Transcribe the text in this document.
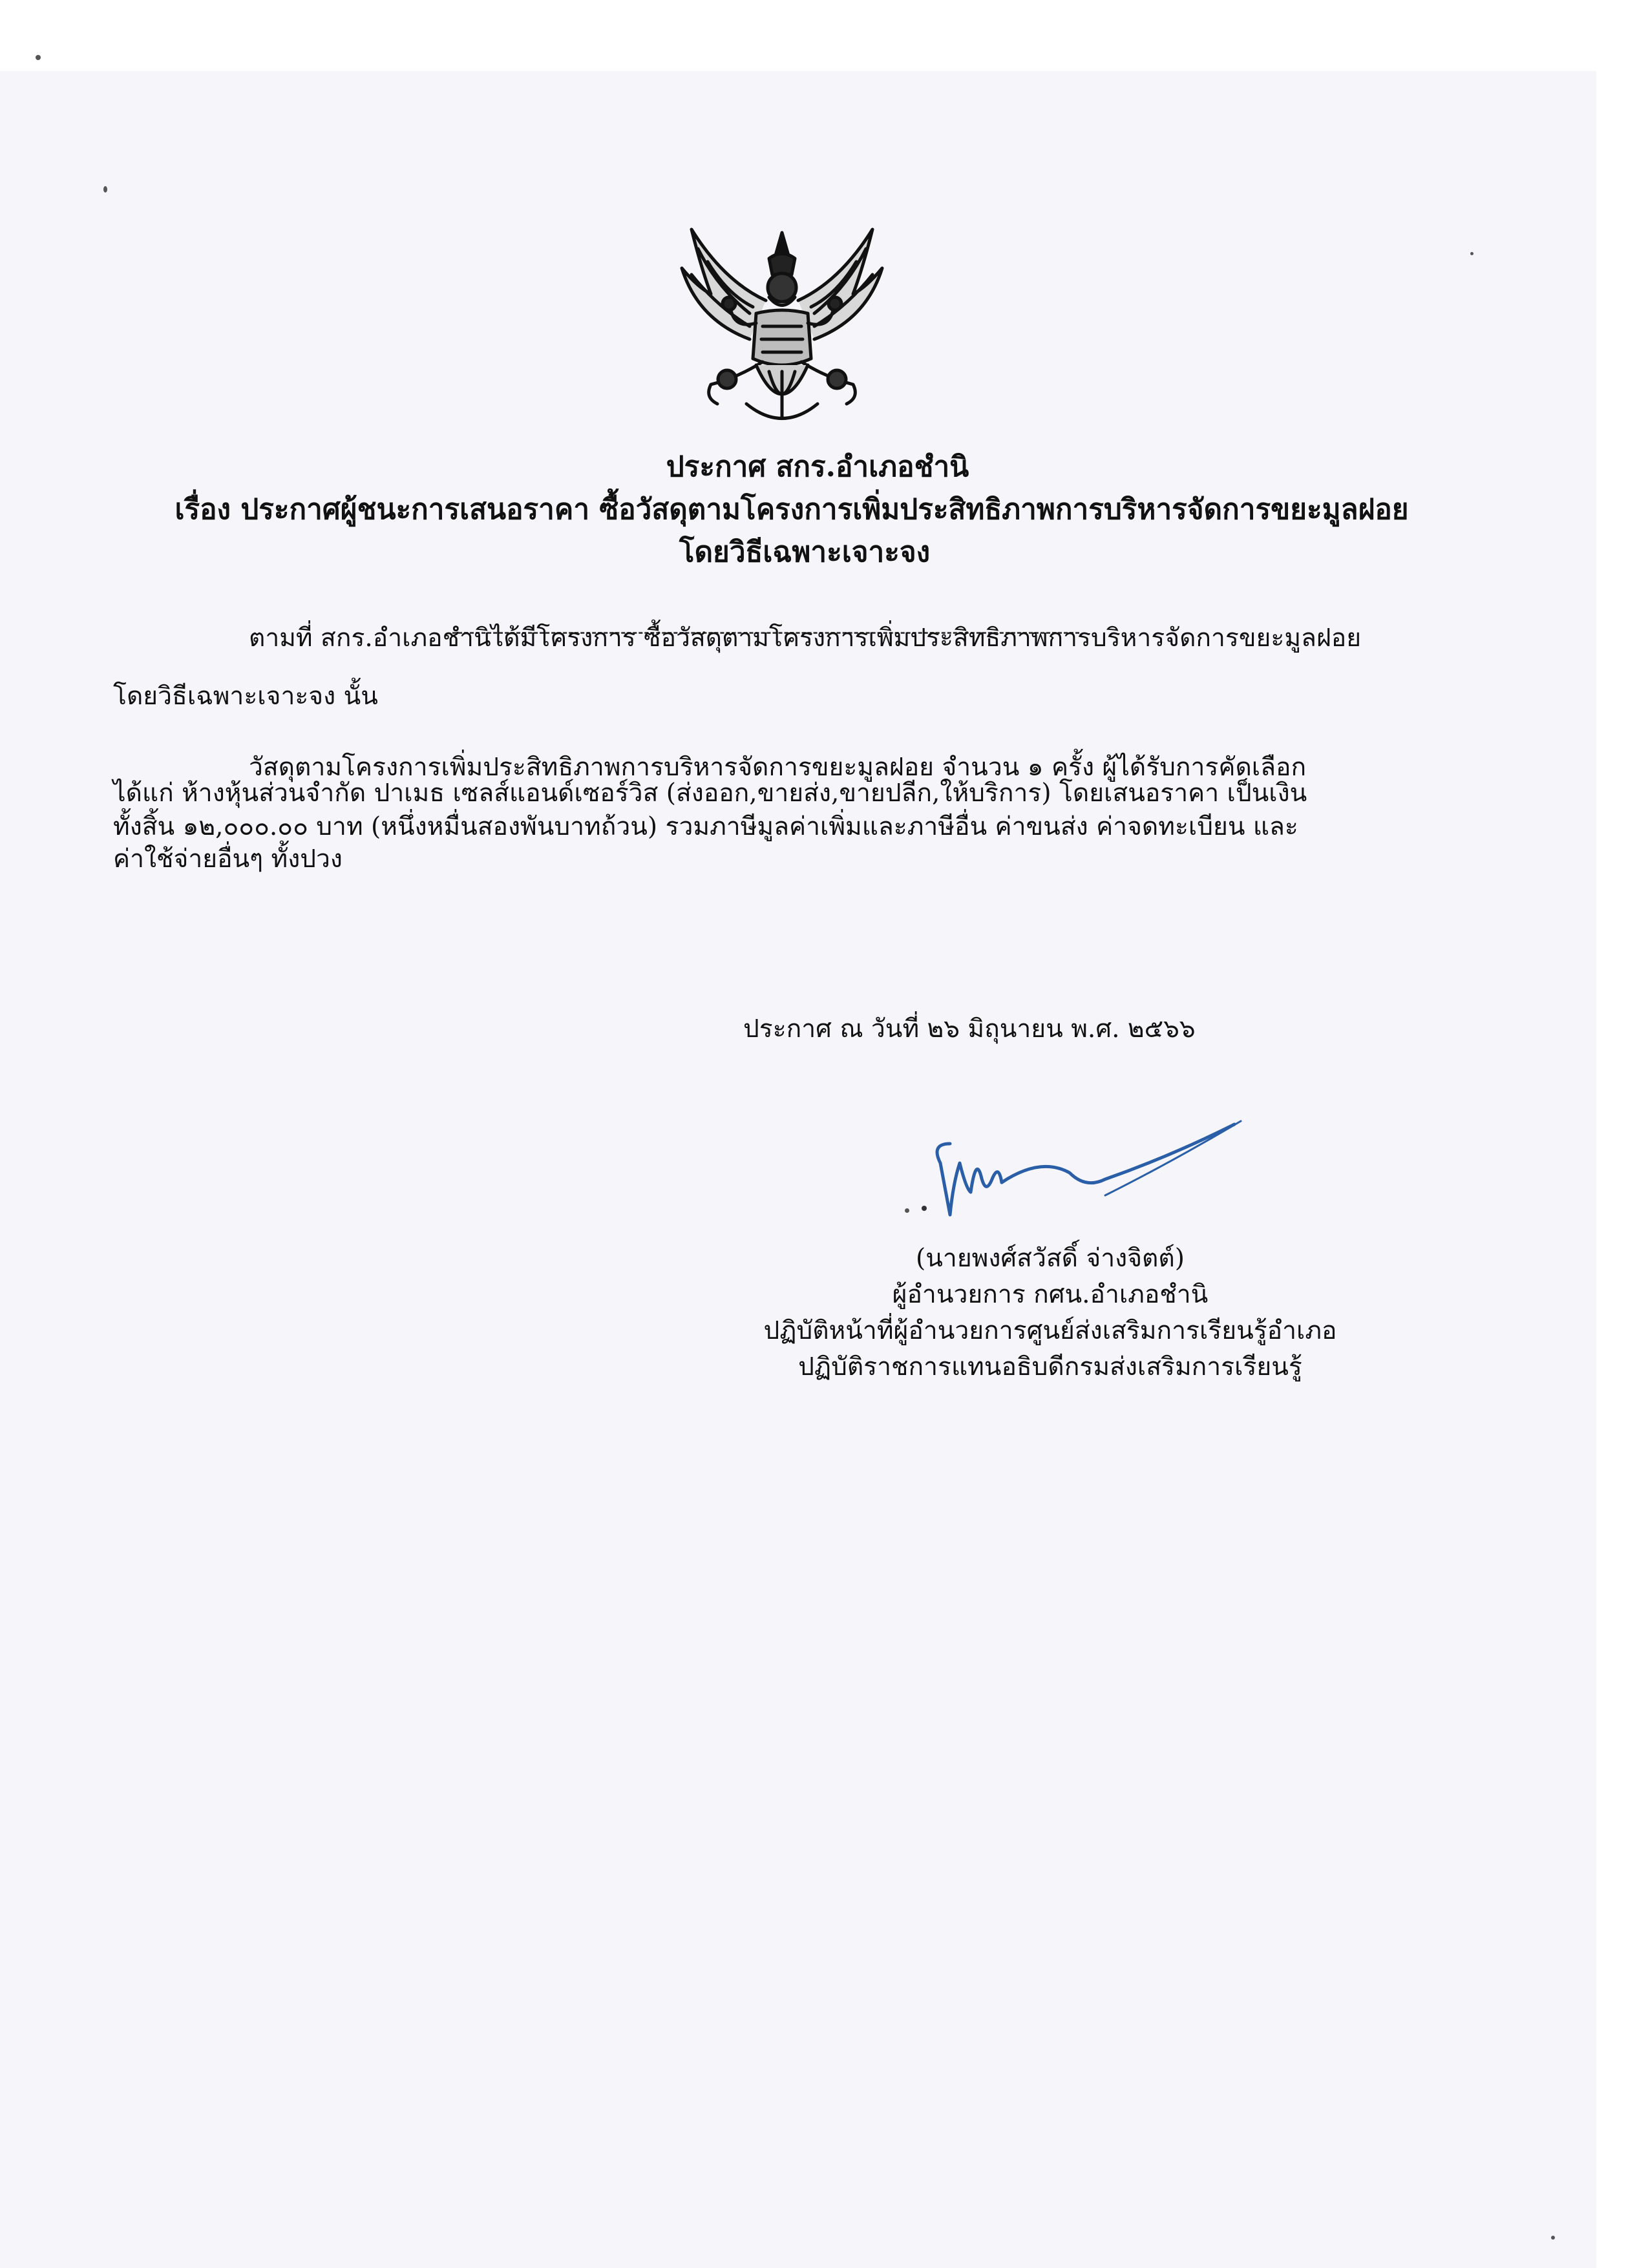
ประกาศ สกร.อำเภอชำนิ
เรื่อง ประกาศผู้ชนะการเสนอราคา ซื้อวัสดุตามโครงการเพิ่มประสิทธิภาพการบริหารจัดการขยะมูลฝอย
โดยวิธีเฉพาะเจาะจง
ตามที่ สกร.อำเภอชำนิได้มีโครงการ ซื้อวัสดุตามโครงการเพิ่มประสิทธิภาพการบริหารจัดการขยะมูลฝอย
โดยวิธีเฉพาะเจาะจง นั้น
วัสดุตามโครงการเพิ่มประสิทธิภาพการบริหารจัดการขยะมูลฝอย จำนวน ๑ ครั้ง ผู้ได้รับการคัดเลือก
ได้แก่ ห้างหุ้นส่วนจำกัด ปาเมธ เซลส์แอนด์เซอร์วิส (ส่งออก,ขายส่ง,ขายปลีก,ให้บริการ) โดยเสนอราคา เป็นเงิน
ทั้งสิ้น ๑๒,๐๐๐.๐๐ บาท (หนึ่งหมื่นสองพันบาทถ้วน) รวมภาษีมูลค่าเพิ่มและภาษีอื่น ค่าขนส่ง ค่าจดทะเบียน และ
ค่าใช้จ่ายอื่นๆ ทั้งปวง
ประกาศ ณ วันที่ ๒๖ มิถุนายน พ.ศ. ๒๕๖๖
(นายพงศ์สวัสดิ์ จ่างจิตต์)
ผู้อำนวยการ กศน.อำเภอชำนิ
ปฏิบัติหน้าที่ผู้อำนวยการศูนย์ส่งเสริมการเรียนรู้อำเภอ
ปฏิบัติราชการแทนอธิบดีกรมส่งเสริมการเรียนรู้
